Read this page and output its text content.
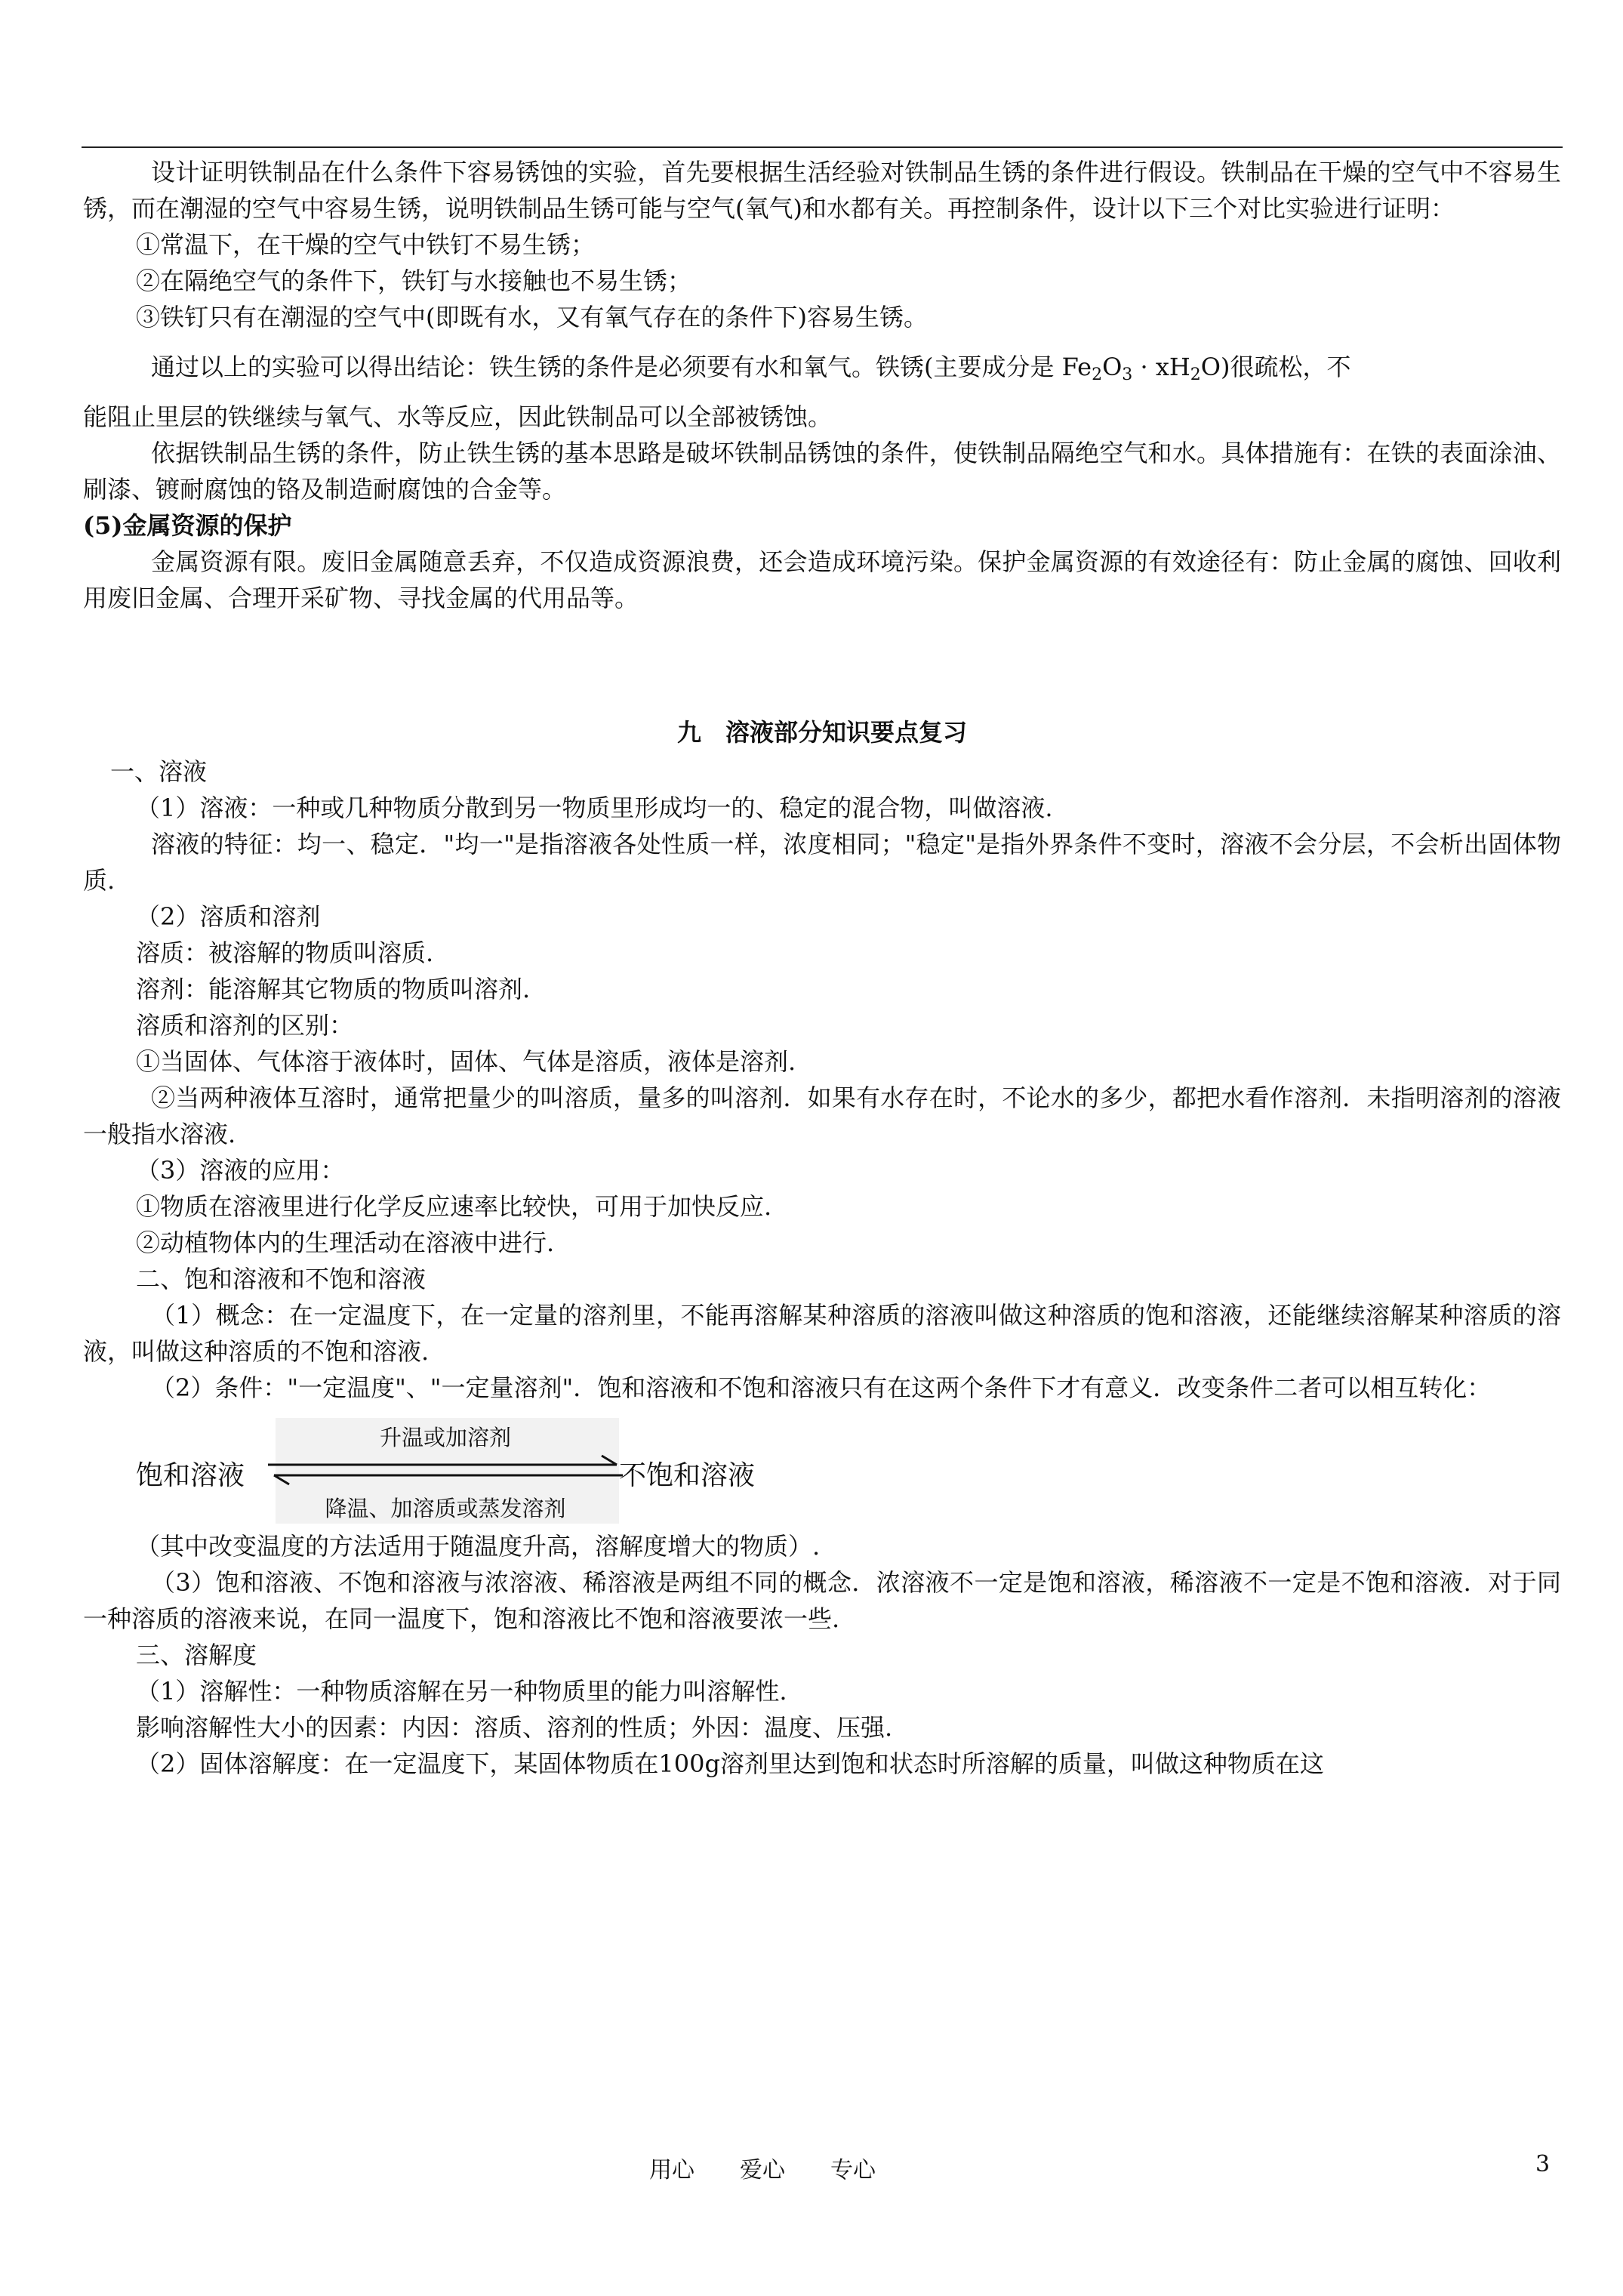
设计证明铁制品在什么条件下容易锈蚀的实验，首先要根据生活经验对铁制品生锈的条件进行假设。铁制品在干燥的空气中不容易生锈，而在潮湿的空气中容易生锈，说明铁制品生锈可能与空气(氧气)和水都有关。再控制条件，设计以下三个对比实验进行证明：

①常温下，在干燥的空气中铁钉不易生锈；

②在隔绝空气的条件下，铁钉与水接触也不易生锈；

③铁钉只有在潮湿的空气中(即既有水，又有氧气存在的条件下)容易生锈。

通过以上的实验可以得出结论：铁生锈的条件是必须要有水和氧气。铁锈(主要成分是 $Fe_2O_3 \cdot xH_2O$)很疏松，不

能阻止里层的铁继续与氧气、水等反应，因此铁制品可以全部被锈蚀。

依据铁制品生锈的条件，防止铁生锈的基本思路是破坏铁制品锈蚀的条件，使铁制品隔绝空气和水。具体措施有：在铁的表面涂油、刷漆、镀耐腐蚀的铬及制造耐腐蚀的合金等。

(5)金属资源的保护

金属资源有限。废旧金属随意丢弃，不仅造成资源浪费，还会造成环境污染。保护金属资源的有效途径有：防止金属的腐蚀、回收利用废旧金属、合理开采矿物、寻找金属的代用品等。

九　溶液部分知识要点复习

一、溶液

（1）溶液：一种或几种物质分散到另一物质里形成均一的、稳定的混合物，叫做溶液.

溶液的特征：均一、稳定．"均一"是指溶液各处性质一样，浓度相同；"稳定"是指外界条件不变时，溶液不会分层，不会析出固体物质.

（2）溶质和溶剂

溶质：被溶解的物质叫溶质.

溶剂：能溶解其它物质的物质叫溶剂.

溶质和溶剂的区别：

①当固体、气体溶于液体时，固体、气体是溶质，液体是溶剂.

②当两种液体互溶时，通常把量少的叫溶质，量多的叫溶剂．如果有水存在时，不论水的多少，都把水看作溶剂．未指明溶剂的溶液一般指水溶液.

（3）溶液的应用：

①物质在溶液里进行化学反应速率比较快，可用于加快反应.

②动植物体内的生理活动在溶液中进行.

二、饱和溶液和不饱和溶液

（1）概念：在一定温度下，在一定量的溶剂里，不能再溶解某种溶质的溶液叫做这种溶质的饱和溶液，还能继续溶解某种溶质的溶液，叫做这种溶质的不饱和溶液.

（2）条件："一定温度"、"一定量溶剂"．饱和溶液和不饱和溶液只有在这两个条件下才有意义．改变条件二者可以相互转化：

饱和溶液
升温或加溶剂
降温、加溶质或蒸发溶剂
不饱和溶液

（其中改变温度的方法适用于随温度升高，溶解度增大的物质）.

（3）饱和溶液、不饱和溶液与浓溶液、稀溶液是两组不同的概念．浓溶液不一定是饱和溶液，稀溶液不一定是不饱和溶液．对于同一种溶质的溶液来说，在同一温度下，饱和溶液比不饱和溶液要浓一些.

三、溶解度

（1）溶解性：一种物质溶解在另一种物质里的能力叫溶解性.

影响溶解性大小的因素：内因：溶质、溶剂的性质；外因：温度、压强.

（2）固体溶解度：在一定温度下，某固体物质在100g溶剂里达到饱和状态时所溶解的质量，叫做这种物质在这

用心　　爱心　　专心	3
